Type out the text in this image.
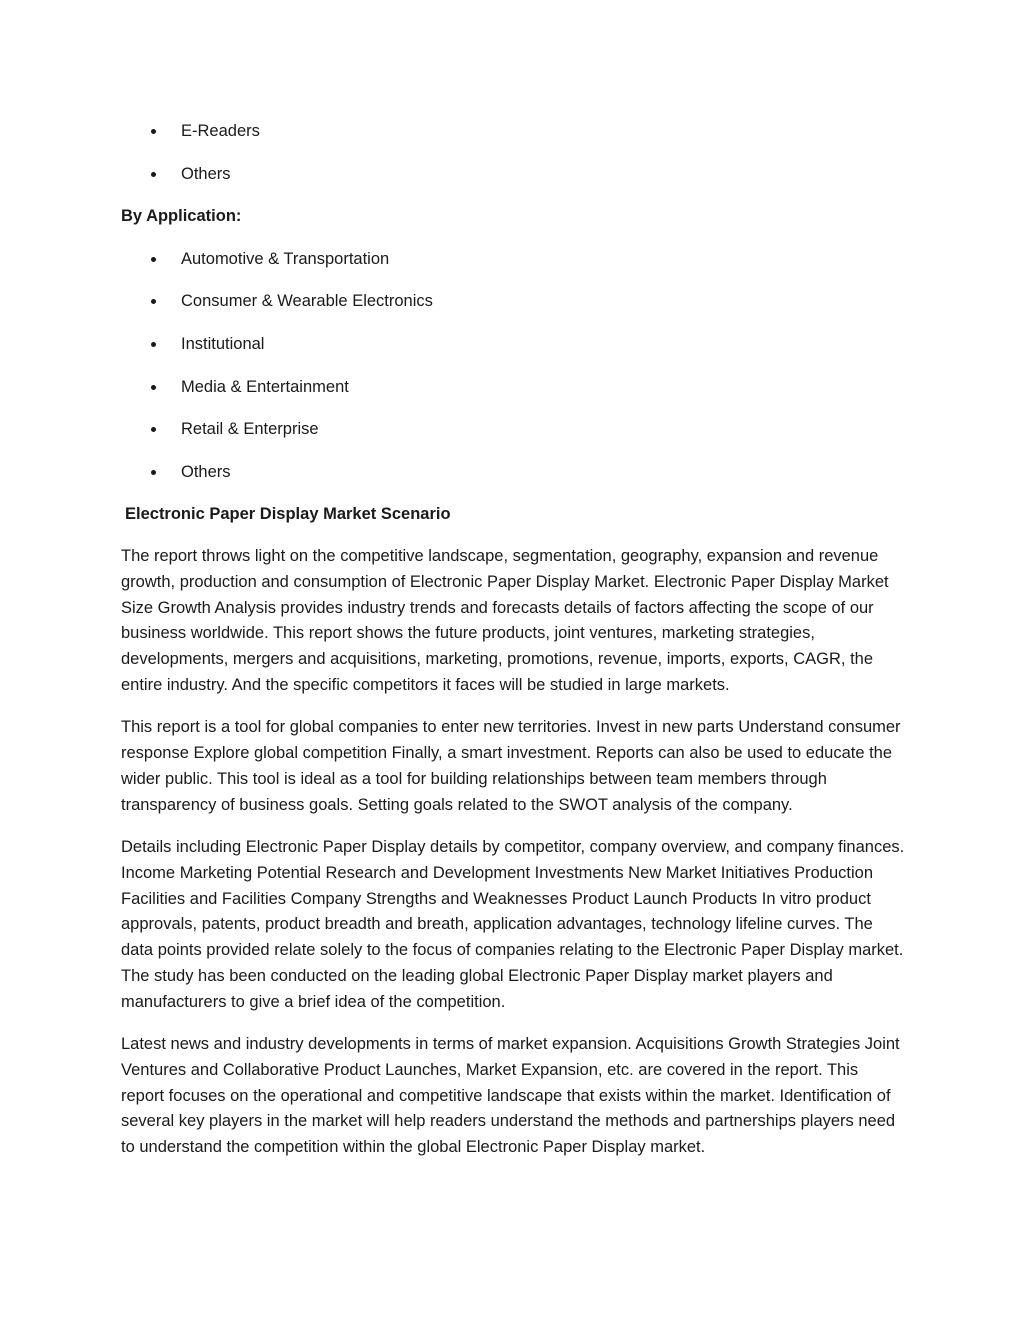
E-Readers
Others
By Application:
Automotive & Transportation
Consumer & Wearable Electronics
Institutional
Media & Entertainment
Retail & Enterprise
Others
Electronic Paper Display Market Scenario

The report throws light on the competitive landscape, segmentation, geography, expansion and revenue growth, production and consumption of Electronic Paper Display Market. Electronic Paper Display Market Size Growth Analysis provides industry trends and forecasts details of factors affecting the scope of our business worldwide. This report shows the future products, joint ventures, marketing strategies, developments, mergers and acquisitions, marketing, promotions, revenue, imports, exports, CAGR, the entire industry. And the specific competitors it faces will be studied in large markets.

This report is a tool for global companies to enter new territories. Invest in new parts Understand consumer response Explore global competition Finally, a smart investment. Reports can also be used to educate the wider public. This tool is ideal as a tool for building relationships between team members through transparency of business goals. Setting goals related to the SWOT analysis of the company.

Details including Electronic Paper Display details by competitor, company overview, and company finances. Income Marketing Potential Research and Development Investments New Market Initiatives Production Facilities and Facilities Company Strengths and Weaknesses Product Launch Products In vitro product approvals, patents, product breadth and breath, application advantages, technology lifeline curves. The data points provided relate solely to the focus of companies relating to the Electronic Paper Display market. The study has been conducted on the leading global Electronic Paper Display market players and manufacturers to give a brief idea of the competition.

Latest news and industry developments in terms of market expansion. Acquisitions Growth Strategies Joint Ventures and Collaborative Product Launches, Market Expansion, etc. are covered in the report. This report focuses on the operational and competitive landscape that exists within the market. Identification of several key players in the market will help readers understand the methods and partnerships players need to understand the competition within the global Electronic Paper Display market.
